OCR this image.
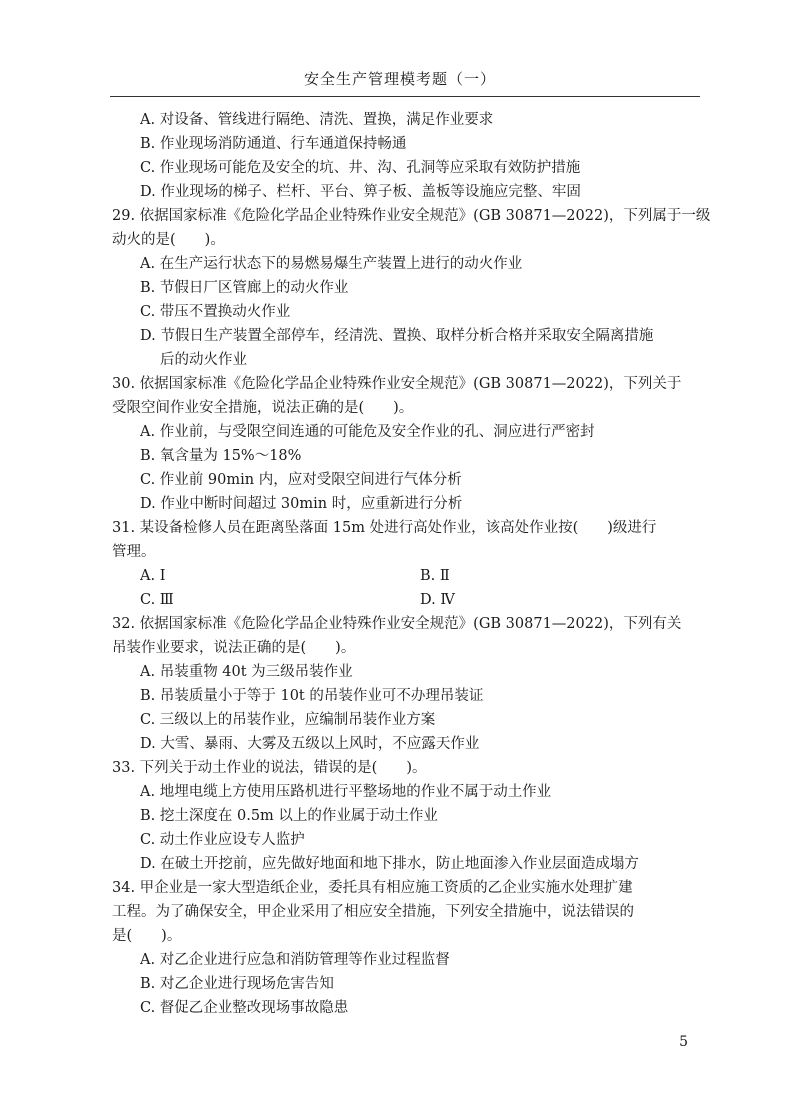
安全生产管理模考题（一）
A. 对设备、管线进行隔绝、清洗、置换，满足作业要求
B. 作业现场消防通道、行车通道保持畅通
C. 作业现场可能危及安全的坑、井、沟、孔洞等应采取有效防护措施
D. 作业现场的梯子、栏杆、平台、箅子板、盖板等设施应完整、牢固
29. 依据国家标准《危险化学品企业特殊作业安全规范》(GB 30871—2022)，下列属于一级
动火的是(　　)。
A. 在生产运行状态下的易燃易爆生产装置上进行的动火作业
B. 节假日厂区管廊上的动火作业
C. 带压不置换动火作业
D. 节假日生产装置全部停车，经清洗、置换、取样分析合格并采取安全隔离措施
后的动火作业
30. 依据国家标准《危险化学品企业特殊作业安全规范》(GB 30871—2022)，下列关于
受限空间作业安全措施，说法正确的是(　　)。
A. 作业前，与受限空间连通的可能危及安全作业的孔、洞应进行严密封
B. 氧含量为 15%～18%
C. 作业前 90min 内，应对受限空间进行气体分析
D. 作业中断时间超过 30min 时，应重新进行分析
31. 某设备检修人员在距离坠落面 15m 处进行高处作业，该高处作业按(　　)级进行
管理。
A. Ⅰ	B. Ⅱ
C. Ⅲ	D. Ⅳ
32. 依据国家标准《危险化学品企业特殊作业安全规范》(GB 30871—2022)，下列有关
吊装作业要求，说法正确的是(　　)。
A. 吊装重物 40t 为三级吊装作业
B. 吊装质量小于等于 10t 的吊装作业可不办理吊装证
C. 三级以上的吊装作业，应编制吊装作业方案
D. 大雪、暴雨、大雾及五级以上风时，不应露天作业
33. 下列关于动土作业的说法，错误的是(　　)。
A. 地埋电缆上方使用压路机进行平整场地的作业不属于动土作业
B. 挖土深度在 0.5m 以上的作业属于动土作业
C. 动土作业应设专人监护
D. 在破土开挖前，应先做好地面和地下排水，防止地面渗入作业层面造成塌方
34. 甲企业是一家大型造纸企业，委托具有相应施工资质的乙企业实施水处理扩建
工程。为了确保安全，甲企业采用了相应安全措施，下列安全措施中，说法错误的
是(　　)。
A. 对乙企业进行应急和消防管理等作业过程监督
B. 对乙企业进行现场危害告知
C. 督促乙企业整改现场事故隐患
5
